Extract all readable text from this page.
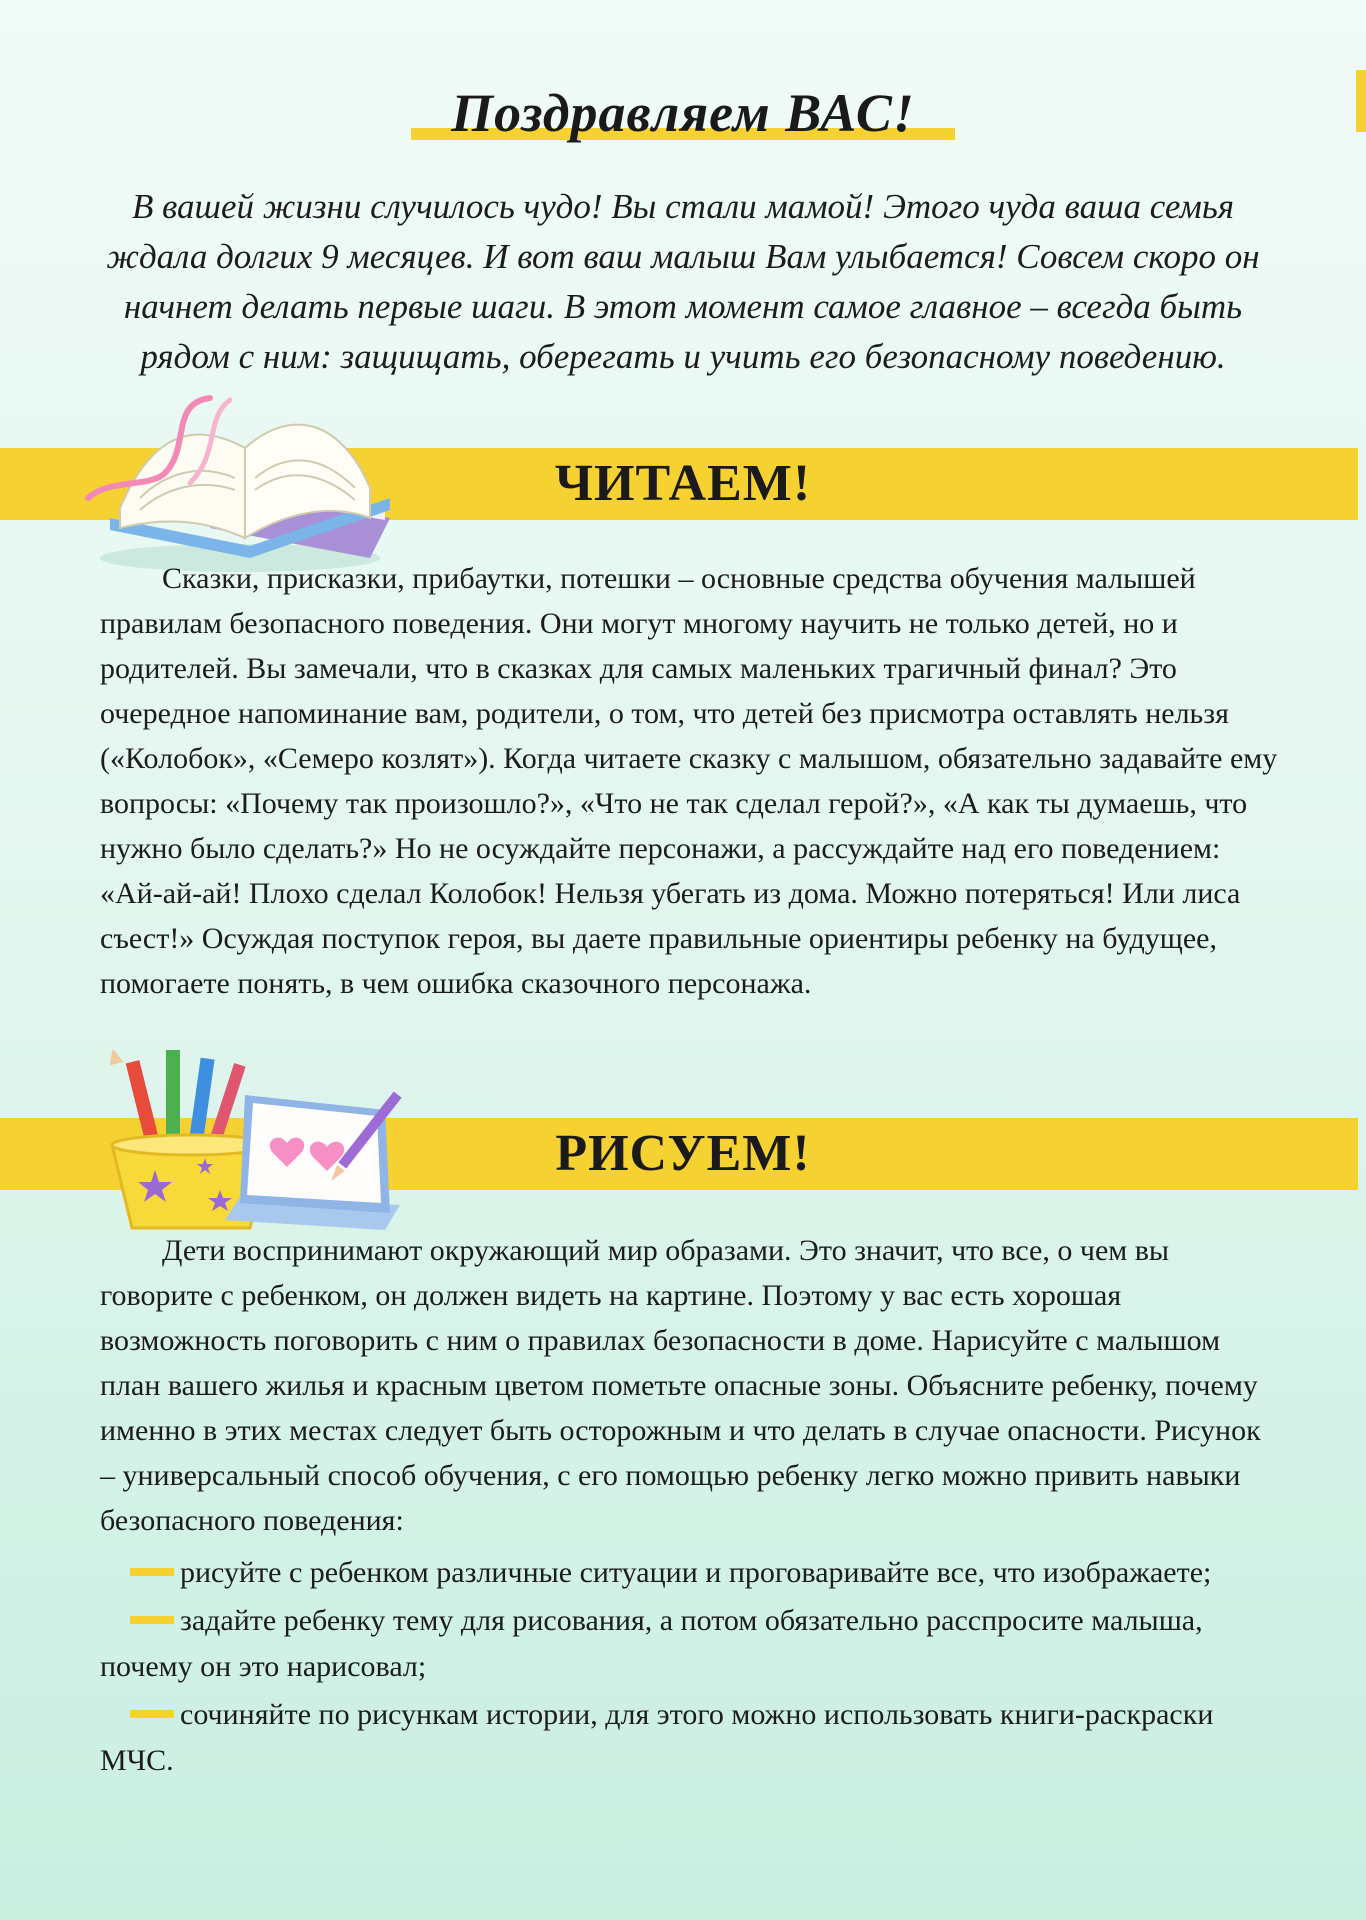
Поздравляем ВАС!

В вашей жизни случилось чудо! Вы стали мамой! Этого чуда ваша семья ждала долгих 9 месяцев. И вот ваш малыш Вам улыбается! Совсем скоро он начнет делать первые шаги. В этот момент самое главное – всегда быть рядом с ним: защищать, оберегать и учить его безопасному поведению.

ЧИТАЕМ!

Сказки, присказки, прибаутки, потешки – основные средства обучения малышей правилам безопасного поведения. Они могут многому научить не только детей, но и родителей. Вы замечали, что в сказках для самых маленьких трагичный финал? Это очередное напоминание вам, родители, о том, что детей без присмотра оставлять нельзя («Колобок», «Семеро козлят»). Когда читаете сказку с малышом, обязательно задавайте ему вопросы: «Почему так произошло?», «Что не так сделал герой?», «А как ты думаешь, что нужно было сделать?» Но не осуждайте персонажи, а рассуждайте над его поведением: «Ай-ай-ай! Плохо сделал Колобок! Нельзя убегать из дома. Можно потеряться! Или лиса съест!» Осуждая поступок героя, вы даете правильные ориентиры ребенку на будущее, помогаете понять, в чем ошибка сказочного персонажа.

РИСУЕМ!

Дети воспринимают окружающий мир образами. Это значит, что все, о чем вы говорите с ребенком, он должен видеть на картине. Поэтому у вас есть хорошая возможность поговорить с ним о правилах безопасности в доме. Нарисуйте с малышом план вашего жилья и красным цветом пометьте опасные зоны. Объясните ребенку, почему именно в этих местах следует быть осторожным и что делать в случае опасности. Рисунок – универсальный способ обучения, с его помощью ребенку легко можно привить навыки безопасного поведения:

рисуйте с ребенком различные ситуации и проговаривайте все, что изображаете;
задайте ребенку тему для рисования, а потом обязательно расспросите малыша, почему он это нарисовал;
сочиняйте по рисункам истории, для этого можно использовать книги-раскраски МЧС.
